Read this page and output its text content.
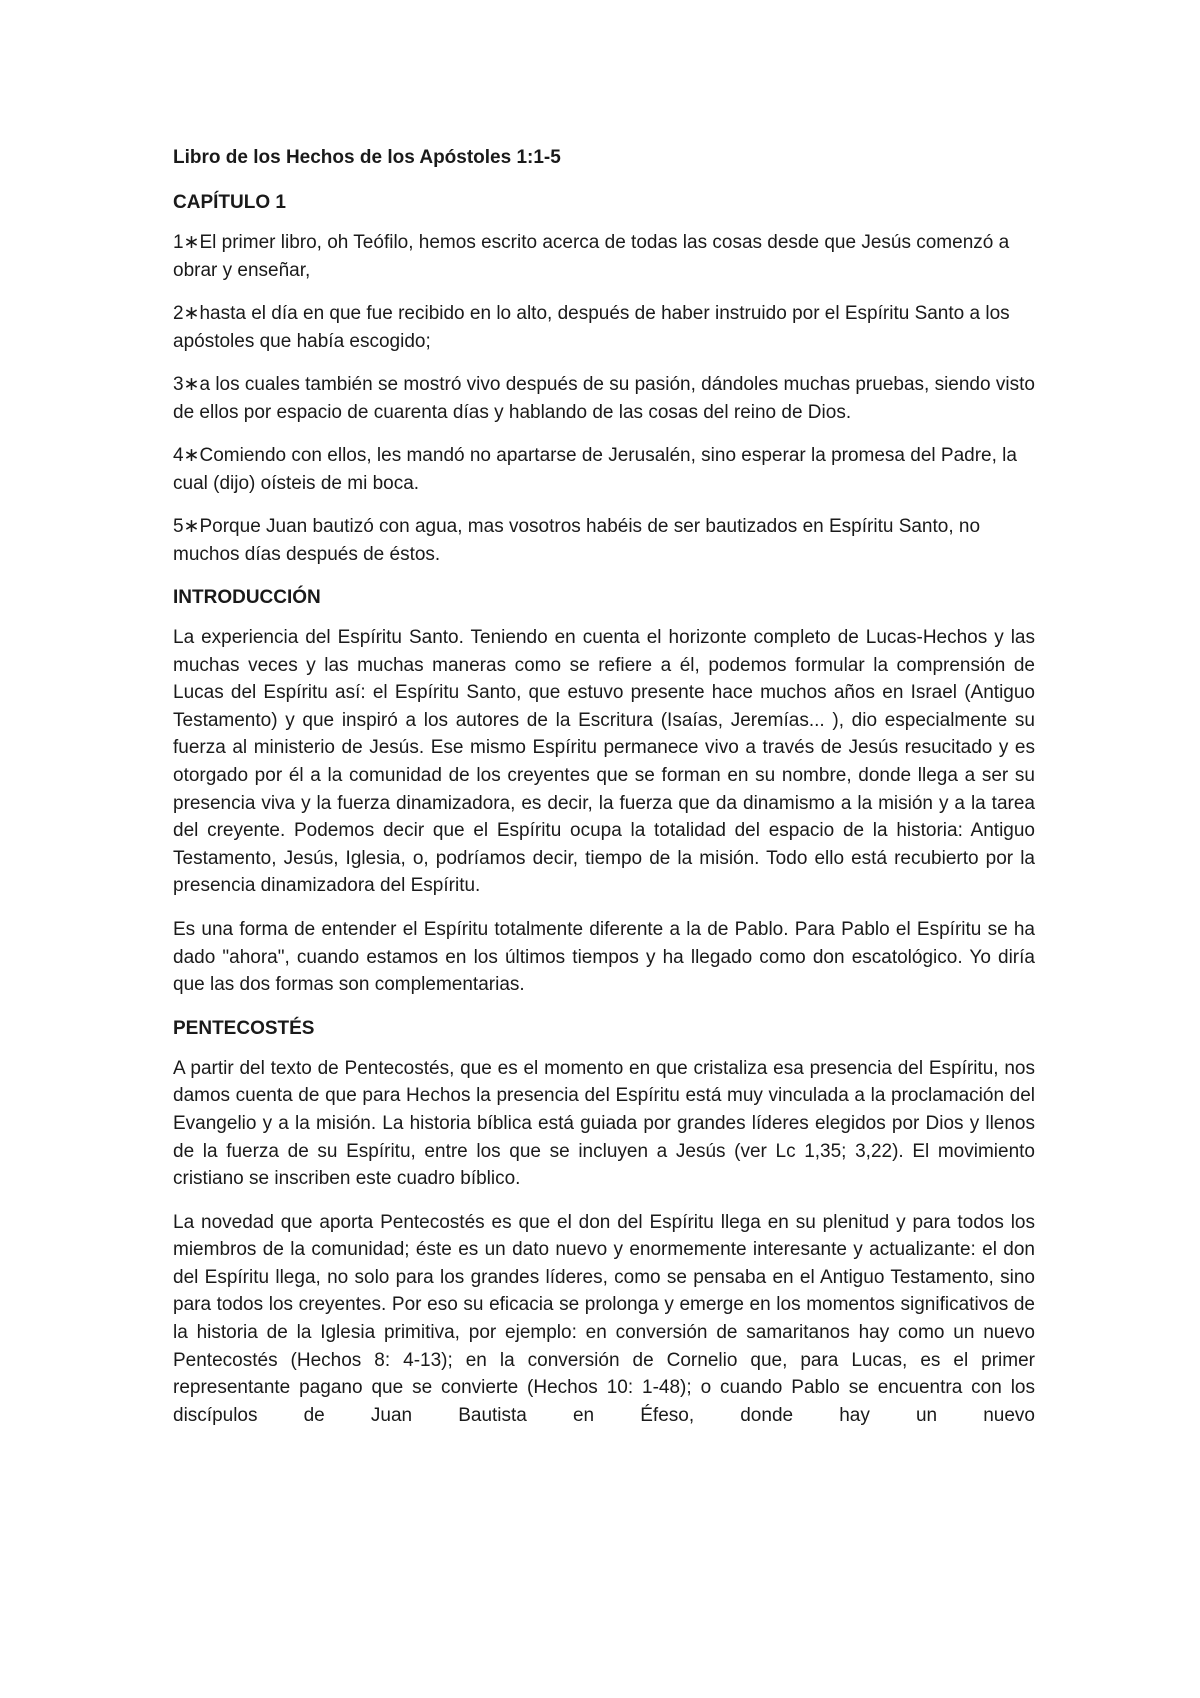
Libro de los Hechos de los Apóstoles 1:1-5

CAPÍTULO 1

1∗El primer libro, oh Teófilo, hemos escrito acerca de todas las cosas desde que Jesús comenzó a obrar y enseñar,

2∗hasta el día en que fue recibido en lo alto, después de haber instruido por el Espíritu Santo a los apóstoles que había escogido;

3∗a los cuales también se mostró vivo después de su pasión, dándoles muchas pruebas, siendo visto de ellos por espacio de cuarenta días y hablando de las cosas del reino de Dios.

4∗Comiendo con ellos, les mandó no apartarse de Jerusalén, sino esperar la promesa del Padre, la cual (dijo) oísteis de mi boca.

5∗Porque Juan bautizó con agua, mas vosotros habéis de ser bautizados en Espíritu Santo, no muchos días después de éstos.

INTRODUCCIÓN

La experiencia del Espíritu Santo. Teniendo en cuenta el horizonte completo de Lucas-Hechos y las muchas veces y las muchas maneras como se refiere a él, podemos formular la comprensión de Lucas del Espíritu así: el Espíritu Santo, que estuvo presente hace muchos años en Israel (Antiguo Testamento) y que inspiró a los autores de la Escritura (Isaías, Jeremías... ), dio especialmente su fuerza al ministerio de Jesús. Ese mismo Espíritu permanece vivo a través de Jesús resucitado y es otorgado por él a la comunidad de los creyentes que se forman en su nombre, donde llega a ser su presencia viva y la fuerza dinamizadora, es decir, la fuerza que da dinamismo a la misión y a la tarea del creyente. Podemos decir que el Espíritu ocupa la totalidad del espacio de la historia: Antiguo Testamento, Jesús, Iglesia, o, podríamos decir, tiempo de la misión. Todo ello está recubierto por la presencia dinamizadora del Espíritu.

Es una forma de entender el Espíritu totalmente diferente a la de Pablo. Para Pablo el Espíritu se ha dado "ahora", cuando estamos en los últimos tiempos y ha llegado como don escatológico. Yo diría que las dos formas son complementarias.

PENTECOSTÉS

A partir del texto de Pentecostés, que es el momento en que cristaliza esa presencia del Espíritu, nos damos cuenta de que para Hechos la presencia del Espíritu está muy vinculada a la proclamación del Evangelio y a la misión. La historia bíblica está guiada por grandes líderes elegidos por Dios y llenos de la fuerza de su Espíritu, entre los que se incluyen a Jesús (ver Lc 1,35; 3,22). El movimiento cristiano se inscriben este cuadro bíblico.

La novedad que aporta Pentecostés es que el don del Espíritu llega en su plenitud y para todos los miembros de la comunidad; éste es un dato nuevo y enormemente interesante y actualizante: el don del Espíritu llega, no solo para los grandes líderes, como se pensaba en el Antiguo Testamento, sino para todos los creyentes. Por eso su eficacia se prolonga y emerge en los momentos significativos de la historia de la Iglesia primitiva, por ejemplo: en conversión de samaritanos hay como un nuevo Pentecostés (Hechos 8: 4-13); en la conversión de Cornelio que, para Lucas, es el primer representante pagano que se convierte (Hechos 10: 1-48); o cuando Pablo se encuentra con los discípulos de Juan Bautista en Éfeso, donde hay un nuevo
